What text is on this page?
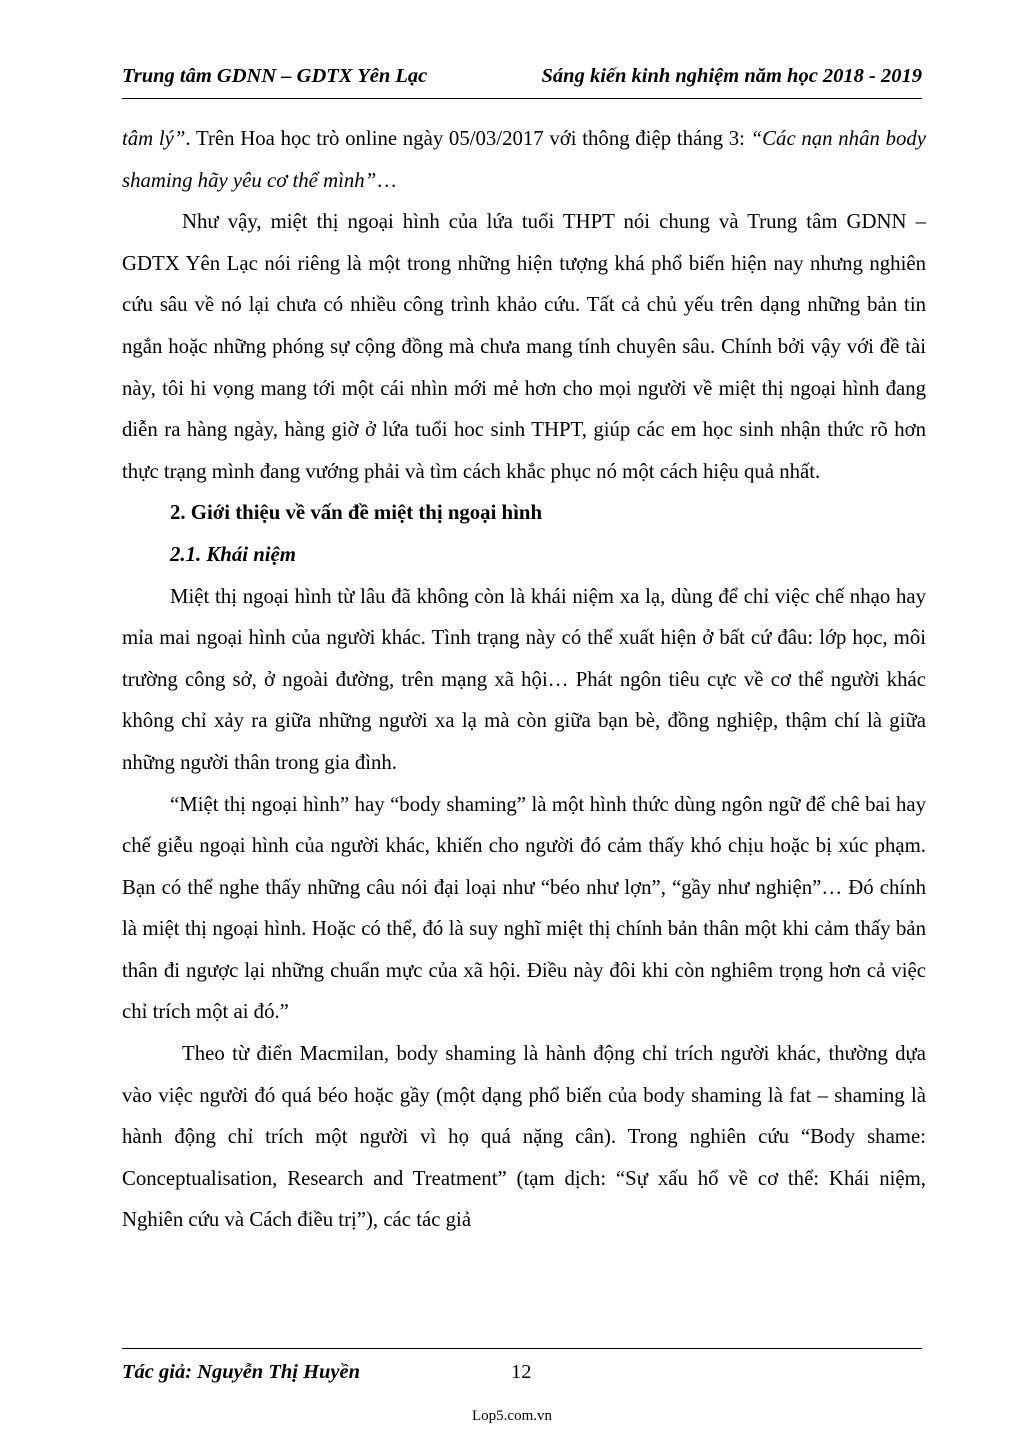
Trung tâm GDNN – GDTX Yên Lạc	Sáng kiến kinh nghiệm năm học 2018 - 2019

tâm lý”. Trên Hoa học trò online ngày 05/03/2017 với thông điệp tháng 3: “Các nạn nhân body shaming hãy yêu cơ thể mình”…

Như vậy, miệt thị ngoại hình của lứa tuổi THPT nói chung và Trung tâm GDNN – GDTX Yên Lạc nói riêng là một trong những hiện tượng khá phổ biến hiện nay nhưng nghiên cứu sâu về nó lại chưa có nhiều công trình khảo cứu. Tất cả chủ yếu trên dạng những bản tin ngắn hoặc những phóng sự cộng đồng mà chưa mang tính chuyên sâu. Chính bởi vậy với đề tài này, tôi hi vọng mang tới một cái nhìn mới mẻ hơn cho mọi người về miệt thị ngoại hình đang diễn ra hàng ngày, hàng giờ ở lứa tuổi hoc sinh THPT, giúp các em học sinh nhận thức rõ hơn thực trạng mình đang vướng phải và tìm cách khắc phục nó một cách hiệu quả nhất.

2. Giới thiệu về vấn đề miệt thị ngoại hình

2.1. Khái niệm

Miệt thị ngoại hình từ lâu đã không còn là khái niệm xa lạ, dùng để chỉ việc chế nhạo hay mỉa mai ngoại hình của người khác. Tình trạng này có thể xuất hiện ở bất cứ đâu: lớp học, môi trường công sở, ở ngoài đường, trên mạng xã hội… Phát ngôn tiêu cực về cơ thể người khác không chỉ xảy ra giữa những người xa lạ mà còn giữa bạn bè, đồng nghiệp, thậm chí là giữa những người thân trong gia đình.

“Miệt thị ngoại hình” hay “body shaming” là một hình thức dùng ngôn ngữ để chê bai hay chế giễu ngoại hình của người khác, khiến cho người đó cảm thấy khó chịu hoặc bị xúc phạm. Bạn có thể nghe thấy những câu nói đại loại như “béo như lợn”, “gầy như nghiện”… Đó chính là miệt thị ngoại hình. Hoặc có thể, đó là suy nghĩ miệt thị chính bản thân một khi cảm thấy bản thân đi ngược lại những chuẩn mực của xã hội. Điều này đôi khi còn nghiêm trọng hơn cả việc chỉ trích một ai đó.”

Theo từ điển Macmilan, body shaming là hành động chỉ trích người khác, thường dựa vào việc người đó quá béo hoặc gầy (một dạng phổ biến của body shaming là fat – shaming là hành động chỉ trích một người vì họ quá nặng cân). Trong nghiên cứu “Body shame: Conceptualisation, Research and Treatment” (tạm dịch: “Sự xấu hổ về cơ thể: Khái niệm, Nghiên cứu và Cách điều trị”), các tác giả

Tác giả: Nguyễn Thị Huyền	12
Lop5.com.vn
